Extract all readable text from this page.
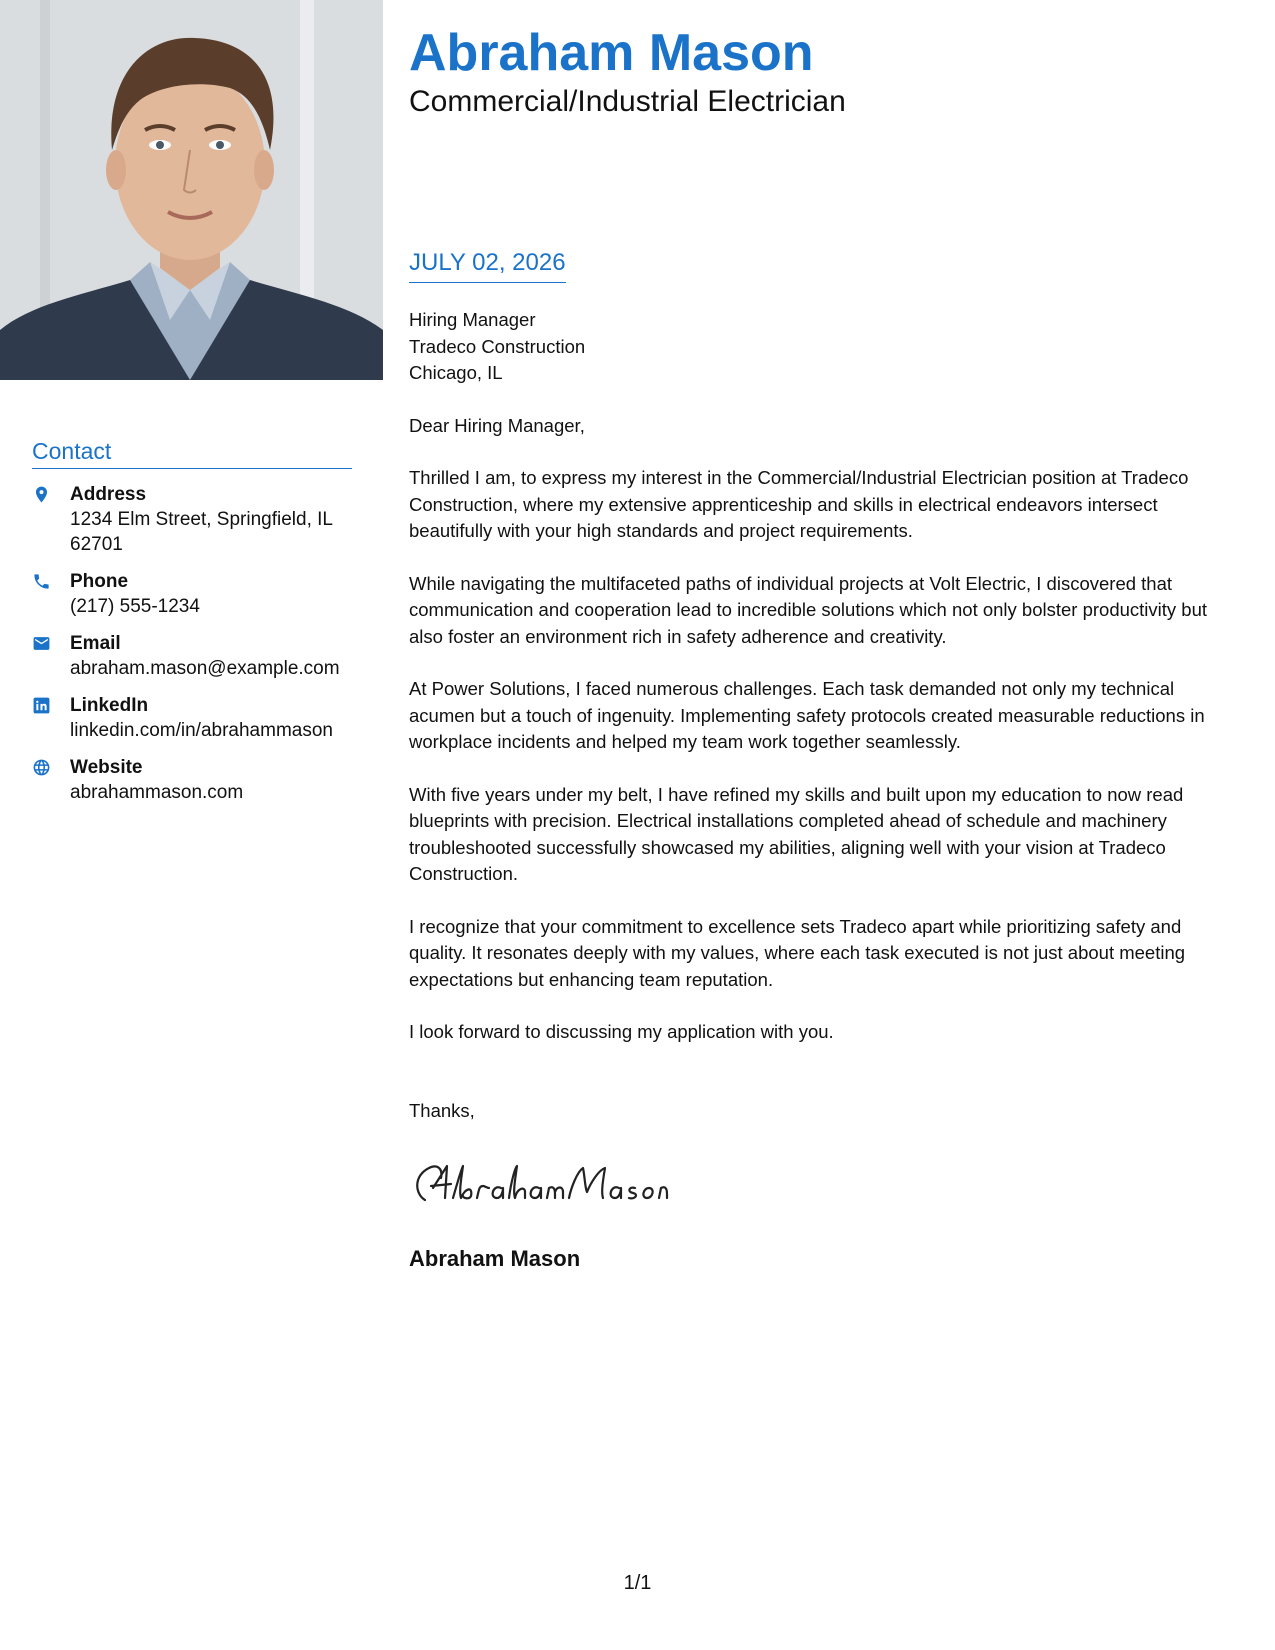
Abraham Mason
Commercial/Industrial Electrician
Contact
Address
1234 Elm Street, Springfield, IL 62701
Phone
(217) 555-1234
Email
abraham.mason@example.com
LinkedIn
linkedin.com/in/abrahammason
Website
abrahammason.com
JULY 02, 2026

Hiring Manager
Tradeco Construction
Chicago, IL

Dear Hiring Manager,

Thrilled I am, to express my interest in the Commercial/Industrial Electrician position at Tradeco Construction, where my extensive apprenticeship and skills in electrical endeavors intersect beautifully with your high standards and project requirements.

While navigating the multifaceted paths of individual projects at Volt Electric, I discovered that communication and cooperation lead to incredible solutions which not only bolster productivity but also foster an environment rich in safety adherence and creativity.

At Power Solutions, I faced numerous challenges. Each task demanded not only my technical acumen but a touch of ingenuity. Implementing safety protocols created measurable reductions in workplace incidents and helped my team work together seamlessly.

With five years under my belt, I have refined my skills and built upon my education to now read blueprints with precision. Electrical installations completed ahead of schedule and machinery troubleshooted successfully showcased my abilities, aligning well with your vision at Tradeco Construction.

I recognize that your commitment to excellence sets Tradeco apart while prioritizing safety and quality. It resonates deeply with my values, where each task executed is not just about meeting expectations but enhancing team reputation.

I look forward to discussing my application with you.

Thanks,

Abraham Mason
1/1
